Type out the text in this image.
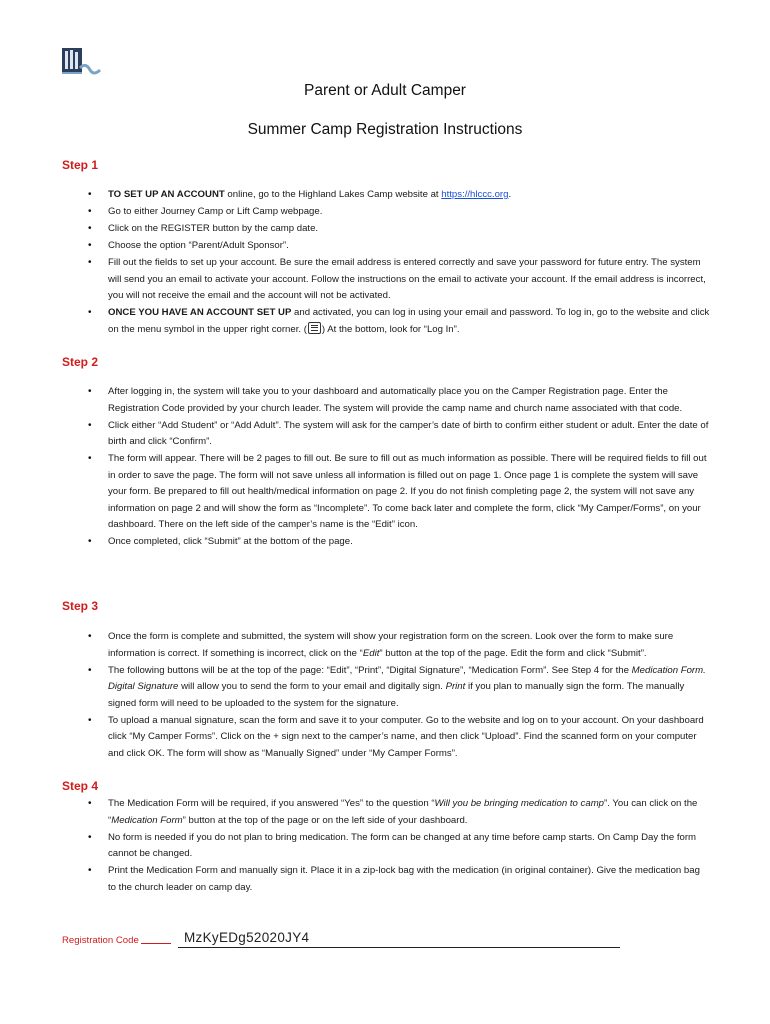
Parent or Adult Camper
Summer Camp Registration Instructions
Step 1
• TO SET UP AN ACCOUNT online, go to the Highland Lakes Camp website at https://hlccc.org.
• Go to either Journey Camp or Lift Camp webpage.
• Click on the REGISTER button by the camp date.
• Choose the option “Parent/Adult Sponsor”.
• Fill out the fields to set up your account. Be sure the email address is entered correctly and save your password for future entry. The system will send you an email to activate your account. Follow the instructions on the email to activate your account. If the email address is incorrect, you will not receive the email and the account will not be activated.
• ONCE YOU HAVE AN ACCOUNT SET UP and activated, you can log in using your email and password. To log in, go to the website and click on the menu symbol in the upper right corner. ( ) At the bottom, look for “Log In”.
Step 2
• After logging in, the system will take you to your dashboard and automatically place you on the Camper Registration page. Enter the Registration Code provided by your church leader. The system will provide the camp name and church name associated with that code.
• Click either “Add Student” or “Add Adult”. The system will ask for the camper’s date of birth to confirm either student or adult. Enter the date of birth and click “Confirm”.
• The form will appear. There will be 2 pages to fill out. Be sure to fill out as much information as possible. There will be required fields to fill out in order to save the page. The form will not save unless all information is filled out on page 1. Once page 1 is complete the system will save your form. Be prepared to fill out health/medical information on page 2. If you do not finish completing page 2, the system will not save any information on page 2 and will show the form as “Incomplete”. To come back later and complete the form, click “My Camper/Forms”, on your dashboard. There on the left side of the camper’s name is the “Edit” icon.
• Once completed, click “Submit” at the bottom of the page.
Step 3
• Once the form is complete and submitted, the system will show your registration form on the screen. Look over the form to make sure information is correct. If something is incorrect, click on the “Edit” button at the top of the page. Edit the form and click “Submit”.
• The following buttons will be at the top of the page: “Edit”, “Print”, “Digital Signature”, “Medication Form”. See Step 4 for the Medication Form. Digital Signature will allow you to send the form to your email and digitally sign. Print if you plan to manually sign the form. The manually signed form will need to be uploaded to the system for the signature.
• To upload a manual signature, scan the form and save it to your computer. Go to the website and log on to your account. On your dashboard click “My Camper Forms”. Click on the + sign next to the camper’s name, and then click “Upload”. Find the scanned form on your computer and click OK. The form will show as “Manually Signed” under “My Camper Forms”.
Step 4
• The Medication Form will be required, if you answered “Yes” to the question “Will you be bringing medication to camp”. You can click on the “Medication Form” button at the top of the page or on the left side of your dashboard.
• No form is needed if you do not plan to bring medication. The form can be changed at any time before camp starts. On Camp Day the form cannot be changed.
• Print the Medication Form and manually sign it. Place it in a zip-lock bag with the medication (in original container). Give the medication bag to the church leader on camp day.
Registration Code	MzKyEDg52020JY4
